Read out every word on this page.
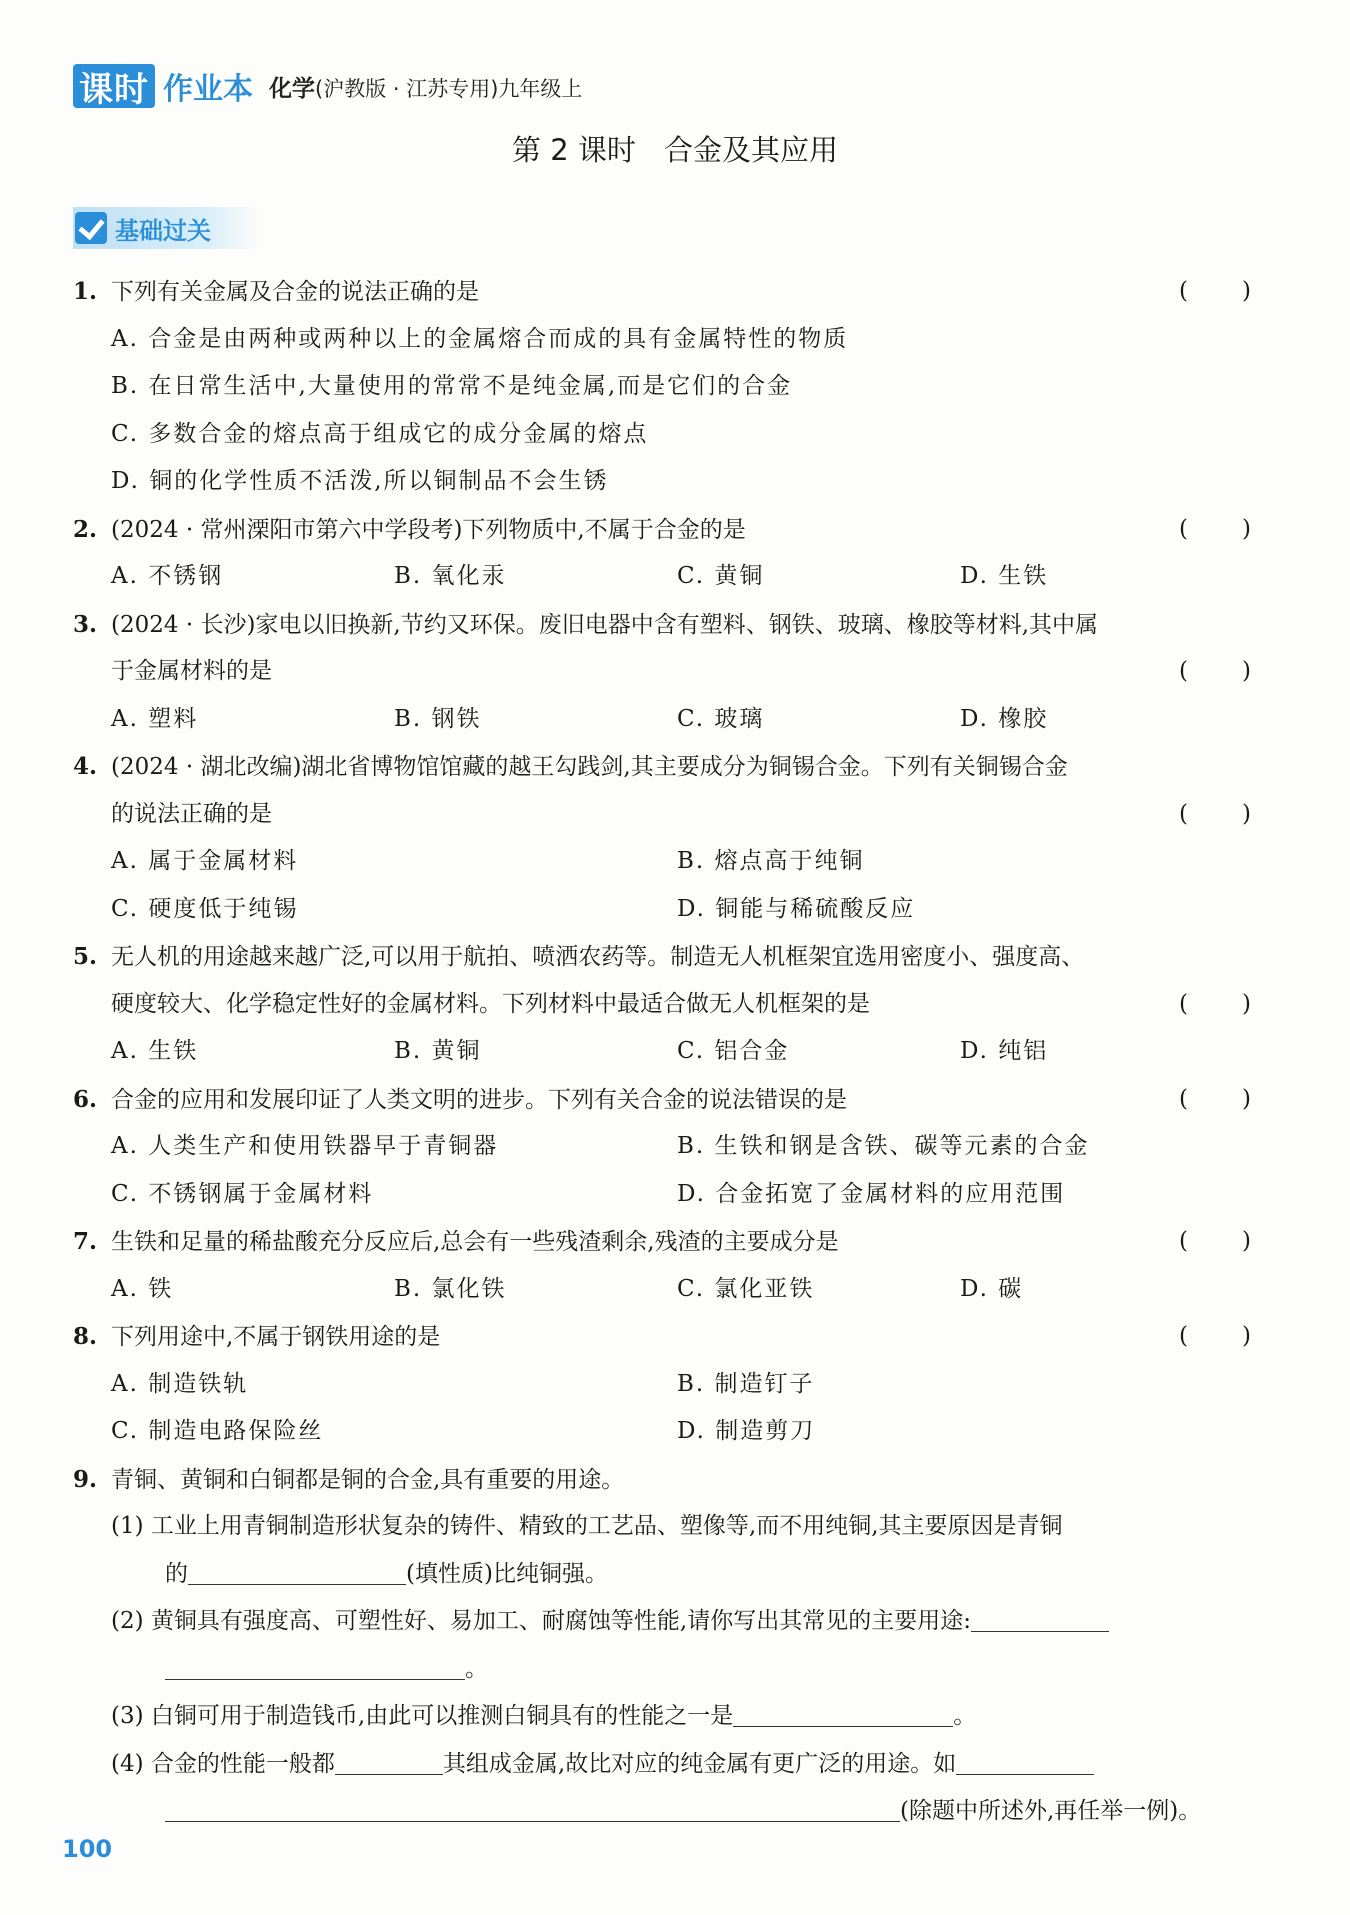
课时 作业本 化学(沪教版 · 江苏专用)九年级上
第 2 课时 合金及其应用
基础过关
1. 下列有关金属及合金的说法正确的是	( )
A. 合金是由两种或两种以上的金属熔合而成的具有金属特性的物质
B. 在日常生活中,大量使用的常常不是纯金属,而是它们的合金
C. 多数合金的熔点高于组成它的成分金属的熔点
D. 铜的化学性质不活泼,所以铜制品不会生锈
2. (2024 · 常州溧阳市第六中学段考)下列物质中,不属于合金的是	( )
A. 不锈钢	B. 氧化汞	C. 黄铜	D. 生铁
3. (2024 · 长沙)家电以旧换新,节约又环保。废旧电器中含有塑料、钢铁、玻璃、橡胶等材料,其中属
于金属材料的是	( )
A. 塑料	B. 钢铁	C. 玻璃	D. 橡胶
4. (2024 · 湖北改编)湖北省博物馆馆藏的越王勾践剑,其主要成分为铜锡合金。下列有关铜锡合金
的说法正确的是	( )
A. 属于金属材料	B. 熔点高于纯铜
C. 硬度低于纯锡	D. 铜能与稀硫酸反应
5. 无人机的用途越来越广泛,可以用于航拍、喷洒农药等。制造无人机框架宜选用密度小、强度高、
硬度较大、化学稳定性好的金属材料。下列材料中最适合做无人机框架的是	( )
A. 生铁	B. 黄铜	C. 铝合金	D. 纯铝
6. 合金的应用和发展印证了人类文明的进步。下列有关合金的说法错误的是	( )
A. 人类生产和使用铁器早于青铜器	B. 生铁和钢是含铁、碳等元素的合金
C. 不锈钢属于金属材料	D. 合金拓宽了金属材料的应用范围
7. 生铁和足量的稀盐酸充分反应后,总会有一些残渣剩余,残渣的主要成分是	( )
A. 铁	B. 氯化铁	C. 氯化亚铁	D. 碳
8. 下列用途中,不属于钢铁用途的是	( )
A. 制造铁轨	B. 制造钉子
C. 制造电路保险丝	D. 制造剪刀
9. 青铜、黄铜和白铜都是铜的合金,具有重要的用途。
(1) 工业上用青铜制造形状复杂的铸件、精致的工艺品、塑像等,而不用纯铜,其主要原因是青铜
的	(填性质)比纯铜强。
(2) 黄铜具有强度高、可塑性好、易加工、耐腐蚀等性能,请你写出其常见的主要用途:
。
(3) 白铜可用于制造钱币,由此可以推测白铜具有的性能之一是	。
(4) 合金的性能一般都	其组成金属,故比对应的纯金属有更广泛的用途。如
(除题中所述外,再任举一例)。
100
